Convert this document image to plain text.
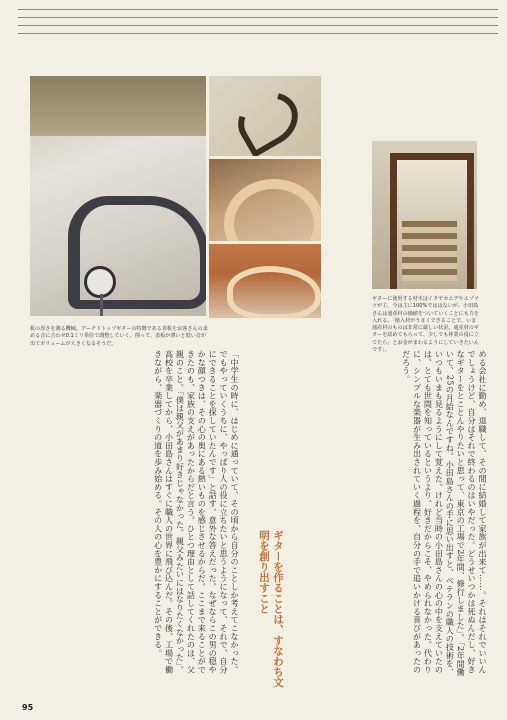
板の厚さを測る機械。アーチドトップギターの特徴である表板をお客さんの求める音に合わせ0.1ミリ単位で調整していく。削って、表板が薄いと低い音が出てボリュームが大きくなるそうだ。
ギターに使用する材木はイタヤカエデやエゾマツが主。今は主に100%でははないが、小田島さんは通産材の価値をついていくことにも力を入れる。「植入材がうまくできることで、いま通産材のものは非常に厳しい状況。通産材のギターを認めてもらって、少しでも林業の役に立てたら」とお金がまわるようにしていきたいんです」。	める会社に勤め、退職して、その間に結婚して家族が出来て……。それはそれでいいんでしょうけど、自分はそれで終わるのはいやだった。どうせいつかは死ぬんだし、好きなギターをとことんやりたいと思って、東京の工場で2年間、修行しました」。「2年間働いて、25の月給なんですね。小田島さんの手に思い出すと、ベテランの職人の技術を、いつもいまも見るようにして覚えた。けれど当時の小田島さんの心の中を支えていたのは、とても世間を知っているというより、好きだからこそ、やめられなかった。代わりに、シンプルな楽器が生み出されていく過程を、自分の手で追いかける喜びがあったのだろう。
ギターを作ることは、すなわち文明を創り出すこと
「中学生の時に、はじめに通っていて、その頃から自分のことしか考えてこなかった。でもやっていくうちに、やっぱり人の役に立ちたいと思うようになって、それで、自分にできることを探していたんです」と話す。意外な答えだった。なぜならこの男の穏やかな顔つきは、その心の奥にある熱いものを感じさせるからだ。ここまで来ることができたのも、家族の支えがあったからだと言う。ひとつ理由として話してくれたのは、父親のこと。「僕は親父があまり好きじゃなかった。親父みたいにはなりたくなかった」。高校を卒業してから、小田島さんはすぐに職人の世界に飛び込んだ。その後、工場で働きながら、楽器づくりの道を歩み始める。その人の心を豊かにすることができる。
95
